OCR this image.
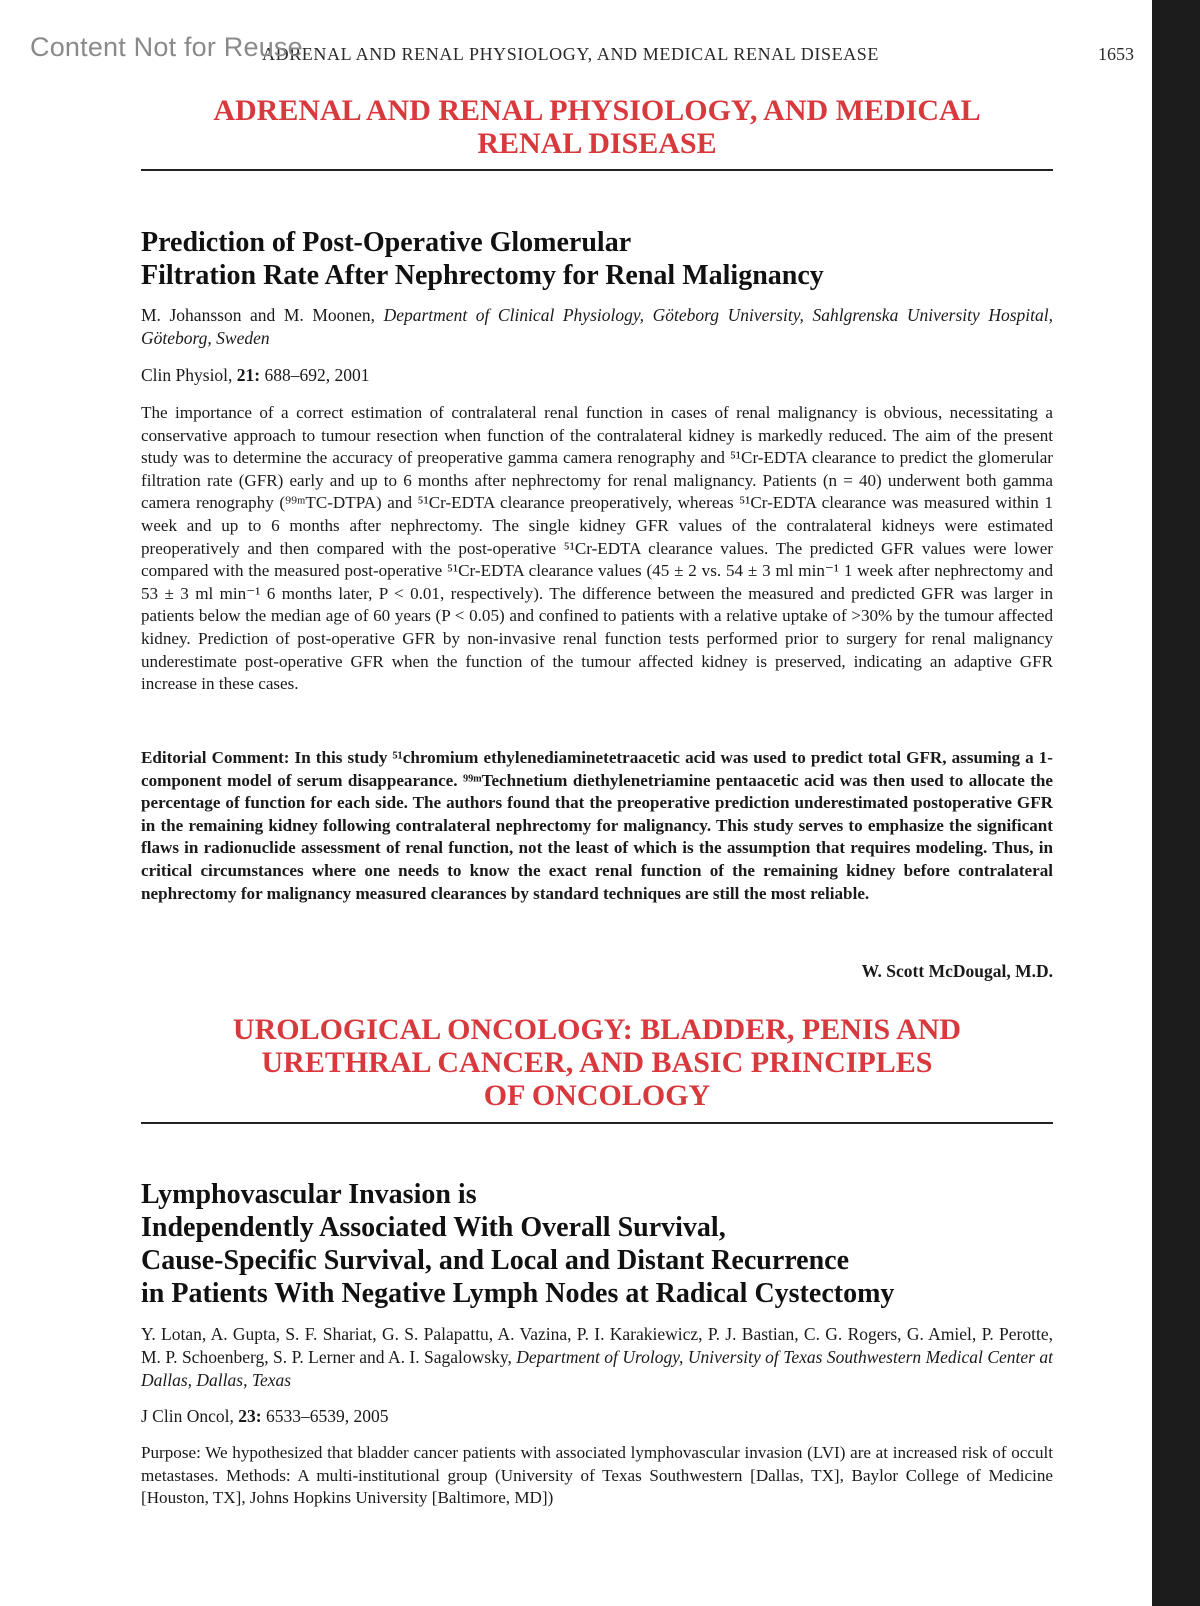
Content Not for Reuse
ADRENAL AND RENAL PHYSIOLOGY, AND MEDICAL RENAL DISEASE	1653

ADRENAL AND RENAL PHYSIOLOGY, AND MEDICAL

RENAL DISEASE

Prediction of Post-Operative Glomerular

Filtration Rate After Nephrectomy for Renal Malignancy

M. Johansson and M. Moonen, Department of Clinical Physiology, Göteborg University, Sahlgrenska University Hospital, Göteborg, Sweden

Clin Physiol, 21: 688–692, 2001

The importance of a correct estimation of contralateral renal function in cases of renal malignancy is obvious, necessitating a conservative approach to tumour resection when function of the contralateral kidney is markedly reduced. The aim of the present study was to determine the accuracy of preoperative gamma camera renography and ⁵¹Cr-EDTA clearance to predict the glomerular filtration rate (GFR) early and up to 6 months after nephrectomy for renal malignancy. Patients (n = 40) underwent both gamma camera renography (⁹⁹ᵐTC-DTPA) and ⁵¹Cr-EDTA clearance preoperatively, whereas ⁵¹Cr-EDTA clearance was measured within 1 week and up to 6 months after nephrectomy. The single kidney GFR values of the contralateral kidneys were estimated preoperatively and then compared with the post-operative ⁵¹Cr-EDTA clearance values. The predicted GFR values were lower compared with the measured post-operative ⁵¹Cr-EDTA clearance values (45 ± 2 vs. 54 ± 3 ml min⁻¹ 1 week after nephrectomy and 53 ± 3 ml min⁻¹ 6 months later, P < 0.01, respectively). The difference between the measured and predicted GFR was larger in patients below the median age of 60 years (P < 0.05) and confined to patients with a relative uptake of >30% by the tumour affected kidney. Prediction of post-operative GFR by non-invasive renal function tests performed prior to surgery for renal malignancy underestimate post-operative GFR when the function of the tumour affected kidney is preserved, indicating an adaptive GFR increase in these cases.

Editorial Comment: In this study ⁵¹chromium ethylenediaminetetraacetic acid was used to predict total GFR, assuming a 1-component model of serum disappearance. ⁹⁹ᵐTechnetium diethylenetriamine pentaacetic acid was then used to allocate the percentage of function for each side. The authors found that the preoperative prediction underestimated postoperative GFR in the remaining kidney following contralateral nephrectomy for malignancy. This study serves to emphasize the significant flaws in radionuclide assessment of renal function, not the least of which is the assumption that requires modeling. Thus, in critical circumstances where one needs to know the exact renal function of the remaining kidney before contralateral nephrectomy for malignancy measured clearances by standard techniques are still the most reliable.

W. Scott McDougal, M.D.

UROLOGICAL ONCOLOGY: BLADDER, PENIS AND

URETHRAL CANCER, AND BASIC PRINCIPLES

OF ONCOLOGY

Lymphovascular Invasion is

Independently Associated With Overall Survival,

Cause-Specific Survival, and Local and Distant Recurrence

in Patients With Negative Lymph Nodes at Radical Cystectomy

Y. Lotan, A. Gupta, S. F. Shariat, G. S. Palapattu, A. Vazina, P. I. Karakiewicz, P. J. Bastian, C. G. Rogers, G. Amiel, P. Perotte, M. P. Schoenberg, S. P. Lerner and A. I. Sagalowsky, Department of Urology, University of Texas Southwestern Medical Center at Dallas, Dallas, Texas

J Clin Oncol, 23: 6533–6539, 2005

Purpose: We hypothesized that bladder cancer patients with associated lymphovascular invasion (LVI) are at increased risk of occult metastases. Methods: A multi-institutional group (University of Texas Southwestern [Dallas, TX], Baylor College of Medicine [Houston, TX], Johns Hopkins University [Baltimore, MD])
